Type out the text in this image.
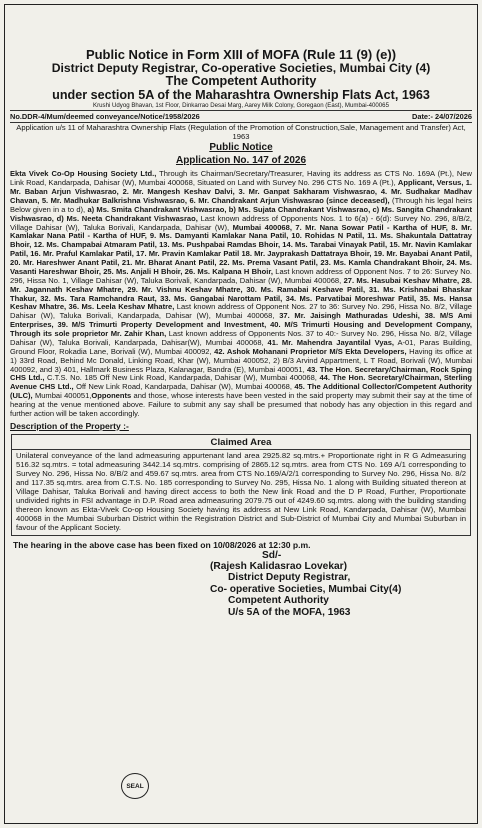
Public Notice in Form XIII of MOFA (Rule 11 (9) (e))
District Deputy Registrar, Co-operative Societies, Mumbai City (4)
The Competent Authority
under section 5A of the Maharashtra Ownership Flats Act, 1963
Krushi Udyog Bhavan, 1st Floor, Dinkarrao Desai Marg, Aarey Milk Colony, Goregaon (East), Mumbai-400065
No.DDR-4/Mum/deemed conveyance/Notice/1958/2026	Date:- 24/07/2026
Application u/s 11 of Maharashtra Ownership Flats (Regulation of the Promotion of Construction,Sale, Management and Transfer) Act, 1963
Public Notice
Application No. 147 of 2026
Ekta Vivek Co-Op Housing Society Ltd., Through its Chairman/Secretary/Treasurer, Having its address as CTS No. 169A (Pt.), New Link Road, Kandarpada, Dahisar (W), Mumbai 400068, Situated on Land with Survey No. 296 CTS No. 169 A (Pt.), Applicant, Versus, 1. Mr. Baban Arjun Vishwasrao, 2. Mr. Mangesh Keshav Dalvi, 3. Mr. Ganpat Sakharam Vishwasrao, 4. Mr. Sudhakar Madhav Chavan, 5. Mr. Madhukar Balkrishna Vishwasrao, 6. Mr. Chandrakant Arjun Vishwasrao (since deceased), (Through his legal heirs Below given in a to d), a) Ms. Smita Chandrakant Vishwasrao, b) Ms. Sujata Chandrakant Vishwasrao, c) Ms. Sangita Chandrakant Vishwasrao, d) Ms. Neeta Chandrakant Vishwasrao, Last known address of Opponents Nos. 1 to 6(a) - 6(d): Survey No. 296, 8/B/2, Village Dahisar (W), Taluka Borivali, Kandarpada, Dahisar (W), Mumbai 400068, 7. Mr. Nana Sowar Patil - Kartha of HUF, 8. Mr. Kamlakar Nana Patil - Kartha of HUF, 9. Ms. Damyanti Kamlakar Nana Patil, 10. Rohidas N Patil, 11. Ms. Shakuntala Dattatray Bhoir, 12. Ms. Champabai Atmaram Patil, 13. Ms. Pushpabai Ramdas Bhoir, 14. Ms. Tarabai Vinayak Patil, 15. Mr. Navin Kamlakar Patil, 16. Mr. Praful Kamlakar Patil, 17. Mr. Pravin Kamlakar Patil 18. Mr. Jayprakash Dattatraya Bhoir, 19. Mr. Bayabai Anant Patil, 20. Mr. Hareshwer Anant Patil, 21. Mr. Bharat Anant Patil, 22. Ms. Prema Vasant Patil, 23. Ms. Kamla Chandrakant Bhoir, 24. Ms. Vasanti Hareshwar Bhoir, 25. Ms. Anjali H Bhoir, 26. Ms. Kalpana H Bhoir, Last known address of Opponent Nos. 7 to 26: Survey No. 296, Hissa No. 1, Village Dahisar (W), Taluka Borivali, Kandarpada, Dahisar (W), Mumbai 400068, 27. Ms. Hasubai Keshav Mhatre, 28. Mr. Jagannath Keshav Mhatre, 29. Mr. Vishnu Keshav Mhatre, 30. Ms. Ramabai Keshave Patil, 31. Ms. Krishnabai Bhaskar Thakur, 32. Ms. Tara Ramchandra Raut, 33. Ms. Gangabai Narottam Patil, 34. Ms. Parvatibai Moreshwar Patil, 35. Ms. Hansa Keshav Mhatre, 36. Ms. Leela Keshav Mhatre, Last known address of Opponent Nos. 27 to 36: Survey No. 296, Hissa No. 8/2, Village Dahisar (W), Taluka Borivali, Kandarpada, Dahisar (W), Mumbai 400068, 37. Mr. Jaisingh Mathuradas Udeshi, 38. M/S Ami Enterprises, 39. M/S Trimurti Property Development and Investment, 40. M/S Trimurti Housing and Development Company, Through its sole proprietor Mr. Zahir Khan, Last known address of Opponents Nos. 37 to 40:- Survey No. 296, Hissa No. 8/2, Village Dahisar (W), Taluka Borivali, Kandarpada, Dahisar(W), Mumbai 400068, 41. Mr. Mahendra Jayantilal Vyas, A-01, Paras Building, Ground Floor, Rokadia Lane, Borivali (W), Mumbai 400092, 42. Ashok Mohanani Proprietor M/S Ekta Developers, Having its office at 1) 33rd Road, Behind Mc Donald, Linking Road, Khar (W), Mumbai 400052, 2) B/3 Arvind Appartment, L T Road, Borivali (W), Mumbai 400092, and 3) 401, Hallmark Business Plaza, Kalanagar, Bandra (E), Mumbai 400051, 43. The Hon. Secretary/Chairman, Rock Sping CHS Ltd., C.T.S. No. 185 Off New Link Road, Kandarpada, Dahisar (W), Mumbai 400068, 44. The Hon. Secretary/Chairman, Sterling Avenue CHS Ltd., Off New Link Road, Kandarpada, Dahisar (W), Mumbai 400068, 45. The Additional Collector/Competent Authority (ULC), Mumbai 400051,Opponents and those, whose interests have been vested in the said property may submit their say at the time of hearing at the venue mentioned above. Failure to submit any say shall be presumed that nobody has any objection in this regard and further action will be taken accordingly.
Description of the Property :-
Claimed Area
Unilateral conveyance of the land admeasuring appurtenant land area 2925.82 sq.mtrs.+ Proportionate right in R G Admeasuring 516.32 sq.mtrs. = total admeasuring 3442.14 sq.mtrs. comprising of 2865.12 sq.mtrs. area from CTS No. 169 A/1 corresponding to Survey No. 296, Hissa No. 8/B/2 and 459.67 sq.mtrs. area from CTS No.169/A/2/1 corresponding to Survey No. 296, Hissa No. 8/2 and 117.35 sq.mtrs. area from C.T.S. No. 185 corresponding to Survey No. 295, Hissa No. 1 along with Building situated thereon at Village Dahisar, Taluka Borivali and having direct access to both the New link Road and the D P Road, Further, Proportionate undivided rights in FSI advantage in D.P. Road area admeasuring 2079.75 out of 4249.60 sq.mtrs. along with the building standing thereon known as Ekta-Vivek Co-op Housing Society having its address at New Link Road, Kandarpada, Dahisar (W), Mumbai 400068 in the Mumbai Suburban District within the Registration District and Sub-District of Mumbai City and Mumbai Suburban in favour of the Applicant Society.
The hearing in the above case has been fixed on 10/08/2026 at 12:30 p.m.
Sd/-
(Rajesh Kalidasrao Lovekar)
District Deputy Registrar,
Co- operative Societies, Mumbai City(4)
Competent Authority
U/s 5A of the MOFA, 1963
SEAL
